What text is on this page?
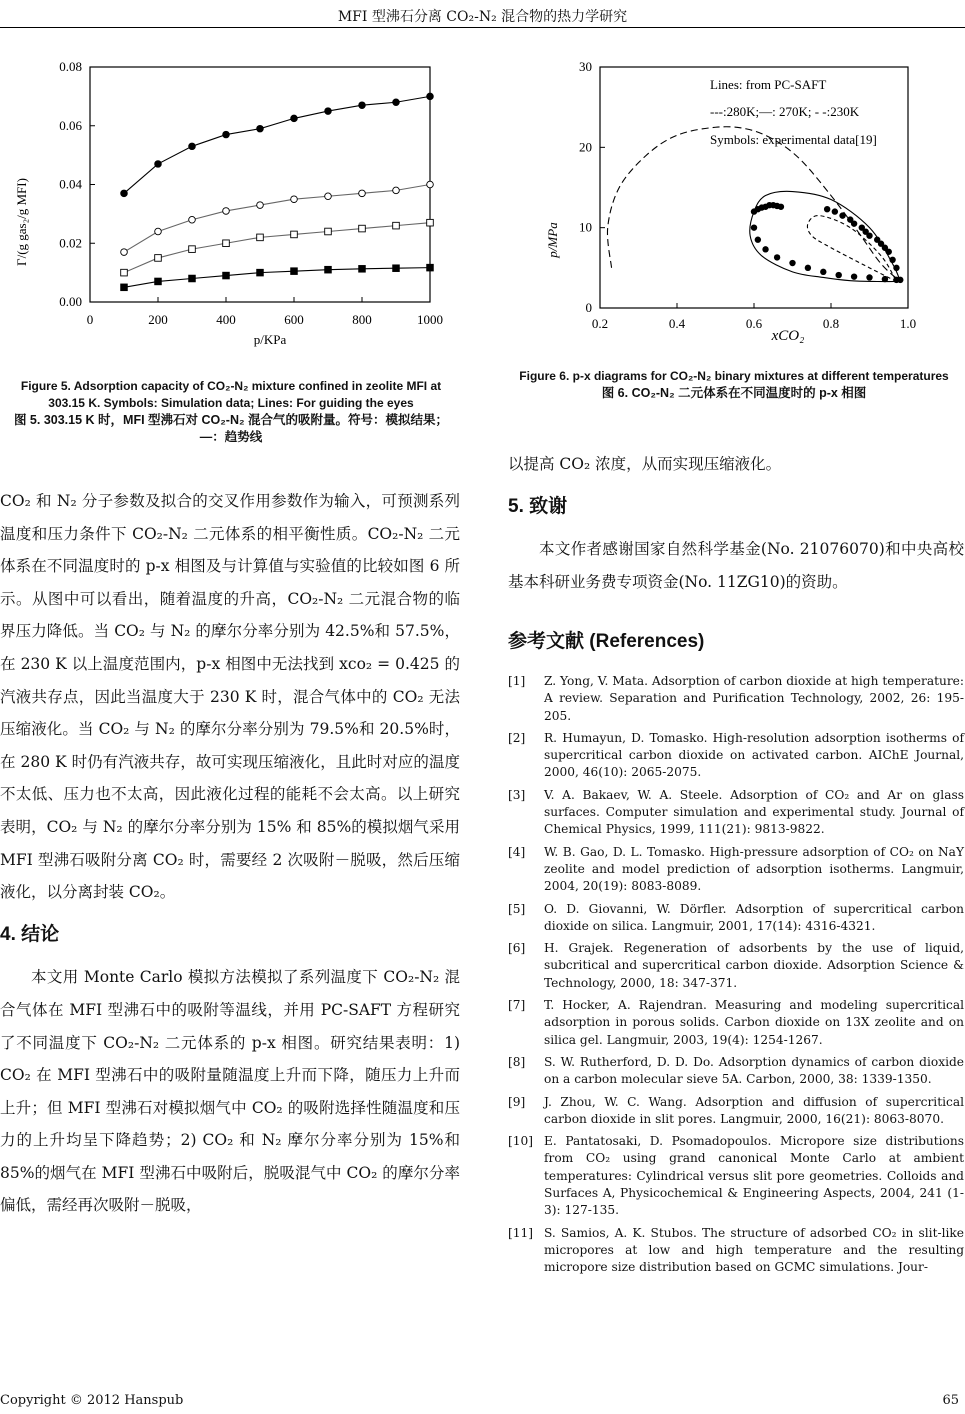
MFI 型沸石分离 CO₂-N₂ 混合物的热力学研究
0	200	400	600	800	1000
0.00
0.02
0.04
0.06
0.08
p/KPa
Γ/(g gas₂/g MFI)
Figure 5. Adsorption capacity of CO₂-N₂ mixture confined in zeolite MFI at 303.15 K. Symbols: Simulation data; Lines: For guiding the eyes
图 5. 303.15 K 时，MFI 型沸石对 CO₂-N₂ 混合气的吸附量。符号：模拟结果；—：趋势线
0.2	0.4	0.6	0.8	1.0
0
10
20
30
Lines: from PC-SAFT
---:280K;—: 270K; - -:230K
Symbols: experimental data[19]
xCO₂
p/MPa
Figure 6. p-x diagrams for CO₂-N₂ binary mixtures at different temperatures
图 6. CO₂-N₂ 二元体系在不同温度时的 p-x 相图

CO₂ 和 N₂ 分子参数及拟合的交叉作用参数作为输入，可预测系列温度和压力条件下 CO₂-N₂ 二元体系的相平衡性质。CO₂-N₂ 二元体系在不同温度时的 p-x 相图及与计算值与实验值的比较如图 6 所示。从图中可以看出，随着温度的升高，CO₂-N₂ 二元混合物的临界压力降低。当 CO₂ 与 N₂ 的摩尔分率分别为 42.5%和 57.5%，在 230 K 以上温度范围内，p-x 相图中无法找到 xco₂ = 0.425 的汽液共存点，因此当温度大于 230 K 时，混合气体中的 CO₂ 无法压缩液化。当 CO₂ 与 N₂ 的摩尔分率分别为 79.5%和 20.5%时，在 280 K 时仍有汽液共存，故可实现压缩液化，且此时对应的温度不太低、压力也不太高，因此液化过程的能耗不会太高。以上研究表明，CO₂ 与 N₂ 的摩尔分率分别为 15% 和 85%的模拟烟气采用 MFI 型沸石吸附分离 CO₂ 时，需要经 2 次吸附－脱吸，然后压缩液化，以分离封装 CO₂。

4. 结论

本文用 Monte Carlo 模拟方法模拟了系列温度下 CO₂-N₂ 混合气体在 MFI 型沸石中的吸附等温线，并用 PC-SAFT 方程研究了不同温度下 CO₂-N₂ 二元体系的 p-x 相图。研究结果表明：1) CO₂ 在 MFI 型沸石中的吸附量随温度上升而下降，随压力上升而上升；但 MFI 型沸石对模拟烟气中 CO₂ 的吸附选择性随温度和压力的上升均呈下降趋势；2) CO₂ 和 N₂ 摩尔分率分别为 15%和 85%的烟气在 MFI 型沸石中吸附后，脱吸混气中 CO₂ 的摩尔分率偏低，需经再次吸附－脱吸，

以提高 CO₂ 浓度，从而实现压缩液化。

5. 致谢

本文作者感谢国家自然科学基金(No. 21076070)和中央高校基本科研业务费专项资金(No. 11ZG10)的资助。

参考文献 (References)
[1] Z. Yong, V. Mata. Adsorption of carbon dioxide at high temperature: A review. Separation and Purification Technology, 2002, 26: 195-205.
[2] R. Humayun, D. Tomasko. High-resolution adsorption isotherms of supercritical carbon dioxide on activated carbon. AIChE Journal, 2000, 46(10): 2065-2075.
[3] V. A. Bakaev, W. A. Steele. Adsorption of CO₂ and Ar on glass surfaces. Computer simulation and experimental study. Journal of Chemical Physics, 1999, 111(21): 9813-9822.
[4] W. B. Gao, D. L. Tomasko. High-pressure adsorption of CO₂ on NaY zeolite and model prediction of adsorption isotherms. Langmuir, 2004, 20(19): 8083-8089.
[5] O. D. Giovanni, W. Dörfler. Adsorption of supercritical carbon dioxide on silica. Langmuir, 2001, 17(14): 4316-4321.
[6] H. Grajek. Regeneration of adsorbents by the use of liquid, subcritical and supercritical carbon dioxide. Adsorption Science & Technology, 2000, 18: 347-371.
[7] T. Hocker, A. Rajendran. Measuring and modeling supercritical adsorption in porous solids. Carbon dioxide on 13X zeolite and on silica gel. Langmuir, 2003, 19(4): 1254-1267.
[8] S. W. Rutherford, D. D. Do. Adsorption dynamics of carbon dioxide on a carbon molecular sieve 5A. Carbon, 2000, 38: 1339-1350.
[9] J. Zhou, W. C. Wang. Adsorption and diffusion of supercritical carbon dioxide in slit pores. Langmuir, 2000, 16(21): 8063-8070.
[10] E. Pantatosaki, D. Psomadopoulos. Micropore size distributions from CO₂ using grand canonical Monte Carlo at ambient temperatures: Cylindrical versus slit pore geometries. Colloids and Surfaces A, Physicochemical & Engineering Aspects, 2004, 241 (1-3): 127-135.
[11] S. Samios, A. K. Stubos. The structure of adsorbed CO₂ in slit-like micropores at low and high temperature and the resulting micropore size distribution based on GCMC simulations. Jour-
Copyright © 2012 Hanspub	65
